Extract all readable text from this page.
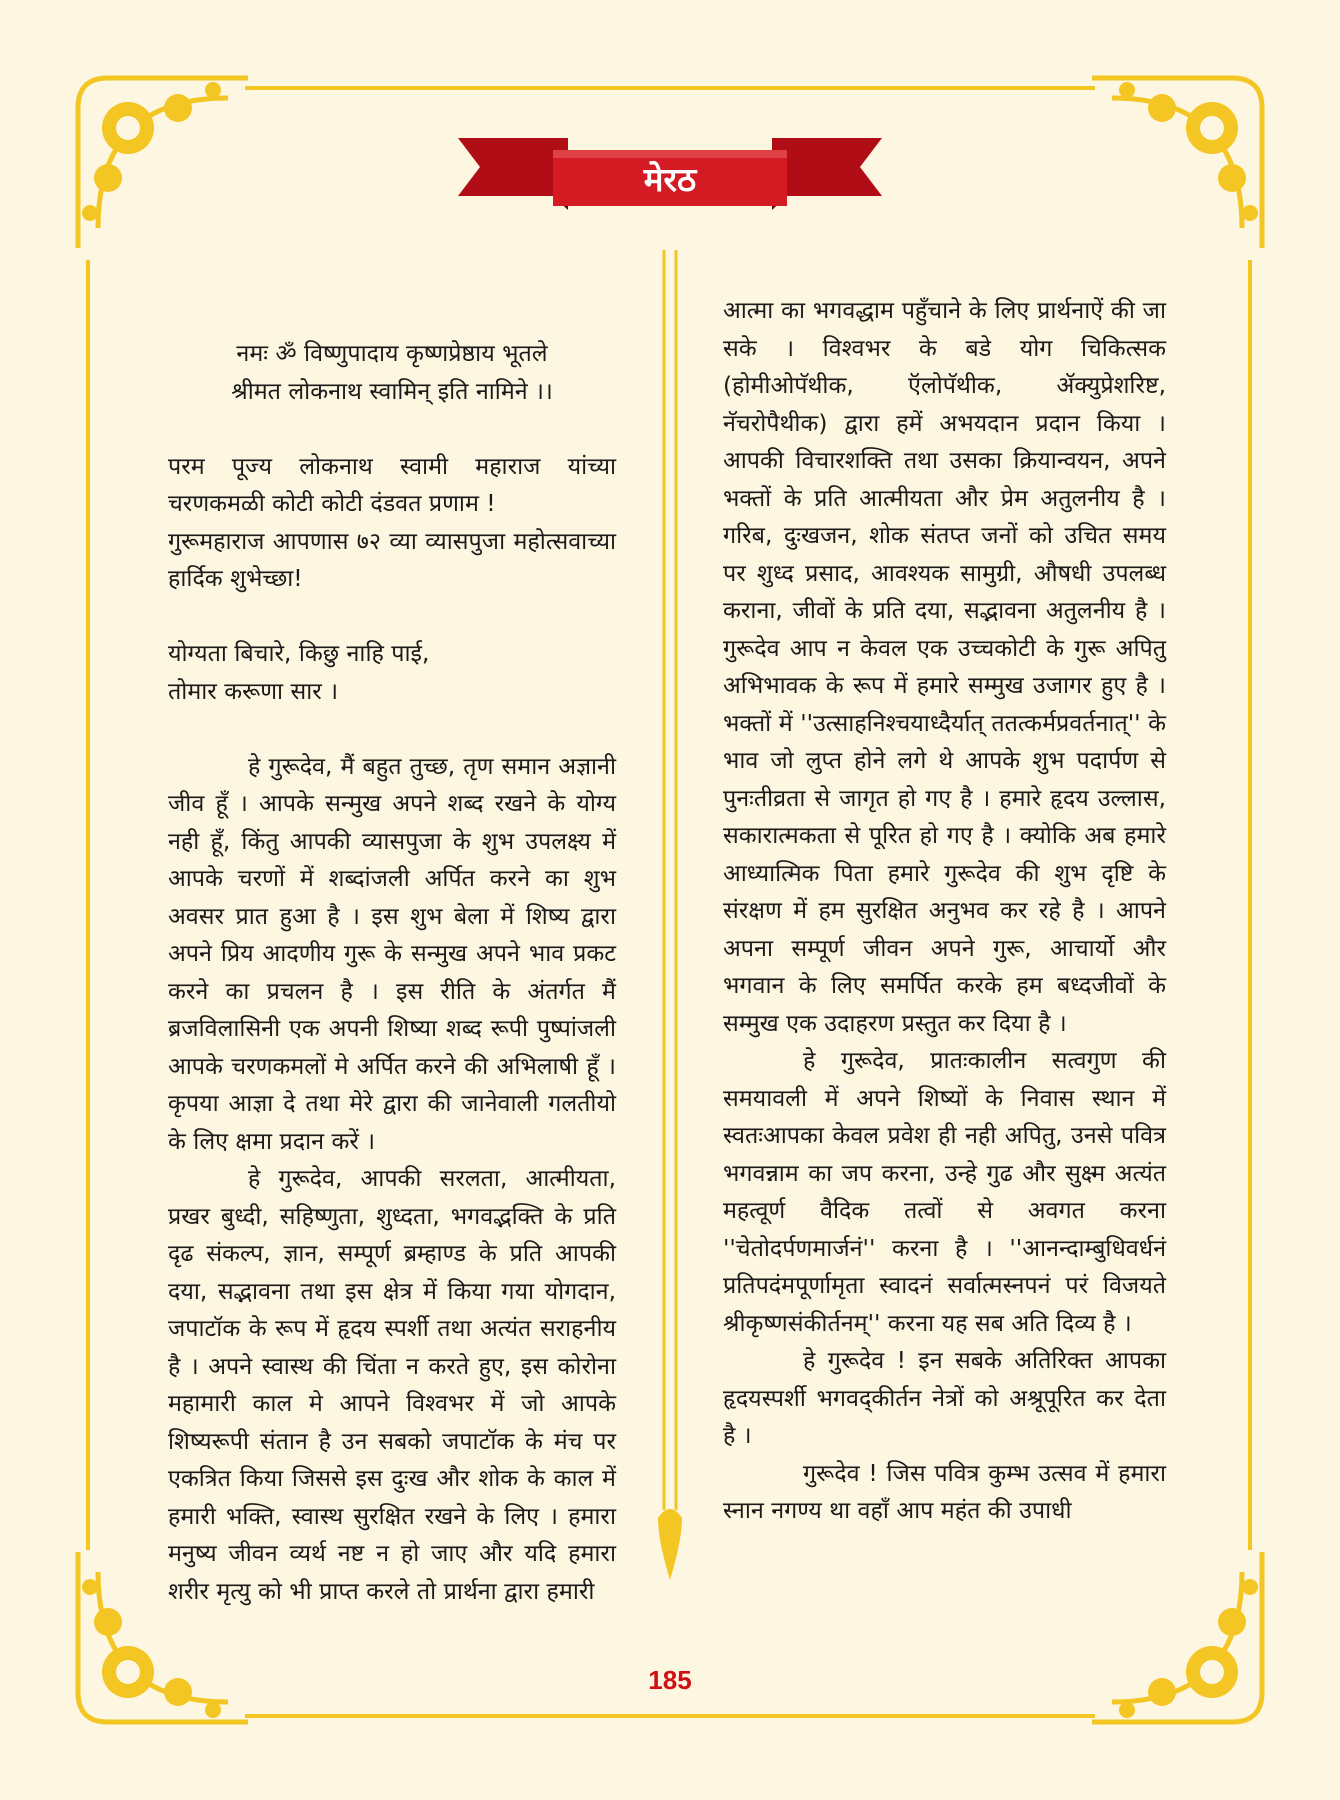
मेरठ

नमः ॐ विष्णुपादाय कृष्णप्रेष्ठाय भूतले

श्रीमत लोकनाथ स्वामिन् इति नामिने ।।

परम पूज्य लोकनाथ स्वामी महाराज यांच्या चरणकमळी कोटी कोटी दंडवत प्रणाम !

गुरूमहाराज आपणास ७२ व्या व्यासपुजा महोत्सवाच्या हार्दिक शुभेच्छा!

योग्यता बिचारे, किछु नाहि पाई,

तोमार करूणा सार ।

हे गुरूदेव, मैं बहुत तुच्छ, तृण समान अज्ञानी जीव हूँ । आपके सन्मुख अपने शब्द रखने के योग्य नही हूँ, किंतु आपकी व्यासपुजा के शुभ उपलक्ष्य में आपके चरणों में शब्दांजली अर्पित करने का शुभ अवसर प्रात हुआ है । इस शुभ बेला में शिष्य द्वारा अपने प्रिय आदणीय गुरू के सन्मुख अपने भाव प्रकट करने का प्रचलन है । इस रीति के अंतर्गत मैं ब्रजविलासिनी एक अपनी शिष्या शब्द रूपी पुष्पांजली आपके चरणकमलों मे अर्पित करने की अभिलाषी हूँ । कृपया आज्ञा दे तथा मेरे द्वारा की जानेवाली गलतीयो के लिए क्षमा प्रदान करें ।

हे गुरूदेव, आपकी सरलता, आत्मीयता, प्रखर बुध्दी, सहिष्णुता, शुध्दता, भगवद्भक्ति के प्रति दृढ संकल्प, ज्ञान, सम्पूर्ण ब्रम्हाण्ड के प्रति आपकी दया, सद्भावना तथा इस क्षेत्र में किया गया योगदान, जपाटॉक के रूप में हृदय स्पर्शी तथा अत्यंत सराहनीय है । अपने स्वास्थ की चिंता न करते हुए, इस कोरोना महामारी काल मे आपने विश्वभर में जो आपके शिष्यरूपी संतान है उन सबको जपाटॉक के मंच पर एकत्रित किया जिससे इस दुःख और शोक के काल में हमारी भक्ति, स्वास्थ सुरक्षित रखने के लिए । हमारा मनुष्य जीवन व्यर्थ नष्ट न हो जाए और यदि हमारा शरीर मृत्यु को भी प्राप्त करले तो प्रार्थना द्वारा हमारी

आत्मा का भगवद्धाम पहुँचाने के लिए प्रार्थनाऐं की जा सके । विश्वभर के बडे योग चिकित्सक (होमीओपॅथीक, ऍलोपॅथीक, ॲक्युप्रेशरिष्ट, नॅचरोपैथीक) द्वारा हमें अभयदान प्रदान किया । आपकी विचारशक्ति तथा उसका क्रियान्वयन, अपने भक्तों के प्रति आत्मीयता और प्रेम अतुलनीय है । गरिब, दुःखजन, शोक संतप्त जनों को उचित समय पर शुध्द प्रसाद, आवश्यक सामुग्री, औषधी उपलब्ध कराना, जीवों के प्रति दया, सद्भावना अतुलनीय है । गुरूदेव आप न केवल एक उच्चकोटी के गुरू अपितु अभिभावक के रूप में हमारे सम्मुख उजागर हुए है । भक्तों में ''उत्साहनिश्चयाध्दैर्यात् ततत्कर्मप्रवर्तनात्'' के भाव जो लुप्त होने लगे थे आपके शुभ पदार्पण से पुनःतीव्रता से जागृत हो गए है । हमारे हृदय उल्लास, सकारात्मकता से पूरित हो गए है । क्योकि अब हमारे आध्यात्मिक पिता हमारे गुरूदेव की शुभ दृष्टि के संरक्षण में हम सुरक्षित अनुभव कर रहे है । आपने अपना सम्पूर्ण जीवन अपने गुरू, आचार्यो और भगवान के लिए समर्पित करके हम बध्दजीवों के सम्मुख एक उदाहरण प्रस्तुत कर दिया है ।

हे गुरूदेव, प्रातःकालीन सत्वगुण की समयावली में अपने शिष्यों के निवास स्थान में स्वतःआपका केवल प्रवेश ही नही अपितु, उनसे पवित्र भगवन्नाम का जप करना, उन्हे गुढ और सुक्ष्म अत्यंत महत्वूर्ण वैदिक तत्वों से अवगत करना ''चेतोदर्पणमार्जनं'' करना है । ''आनन्दाम्बुधिवर्धनं प्रतिपदंमपूर्णामृता स्वादनं सर्वात्मस्नपनं परं विजयते श्रीकृष्णसंकीर्तनम्'' करना यह सब अति दिव्य है ।

हे गुरूदेव ! इन सबके अतिरिक्त आपका हृदयस्पर्शी भगवद्कीर्तन नेत्रों को अश्रूपूरित कर देता है ।

गुरूदेव ! जिस पवित्र कुम्भ उत्सव में हमारा स्नान नगण्य था वहाँ आप महंत की उपाधी

185
